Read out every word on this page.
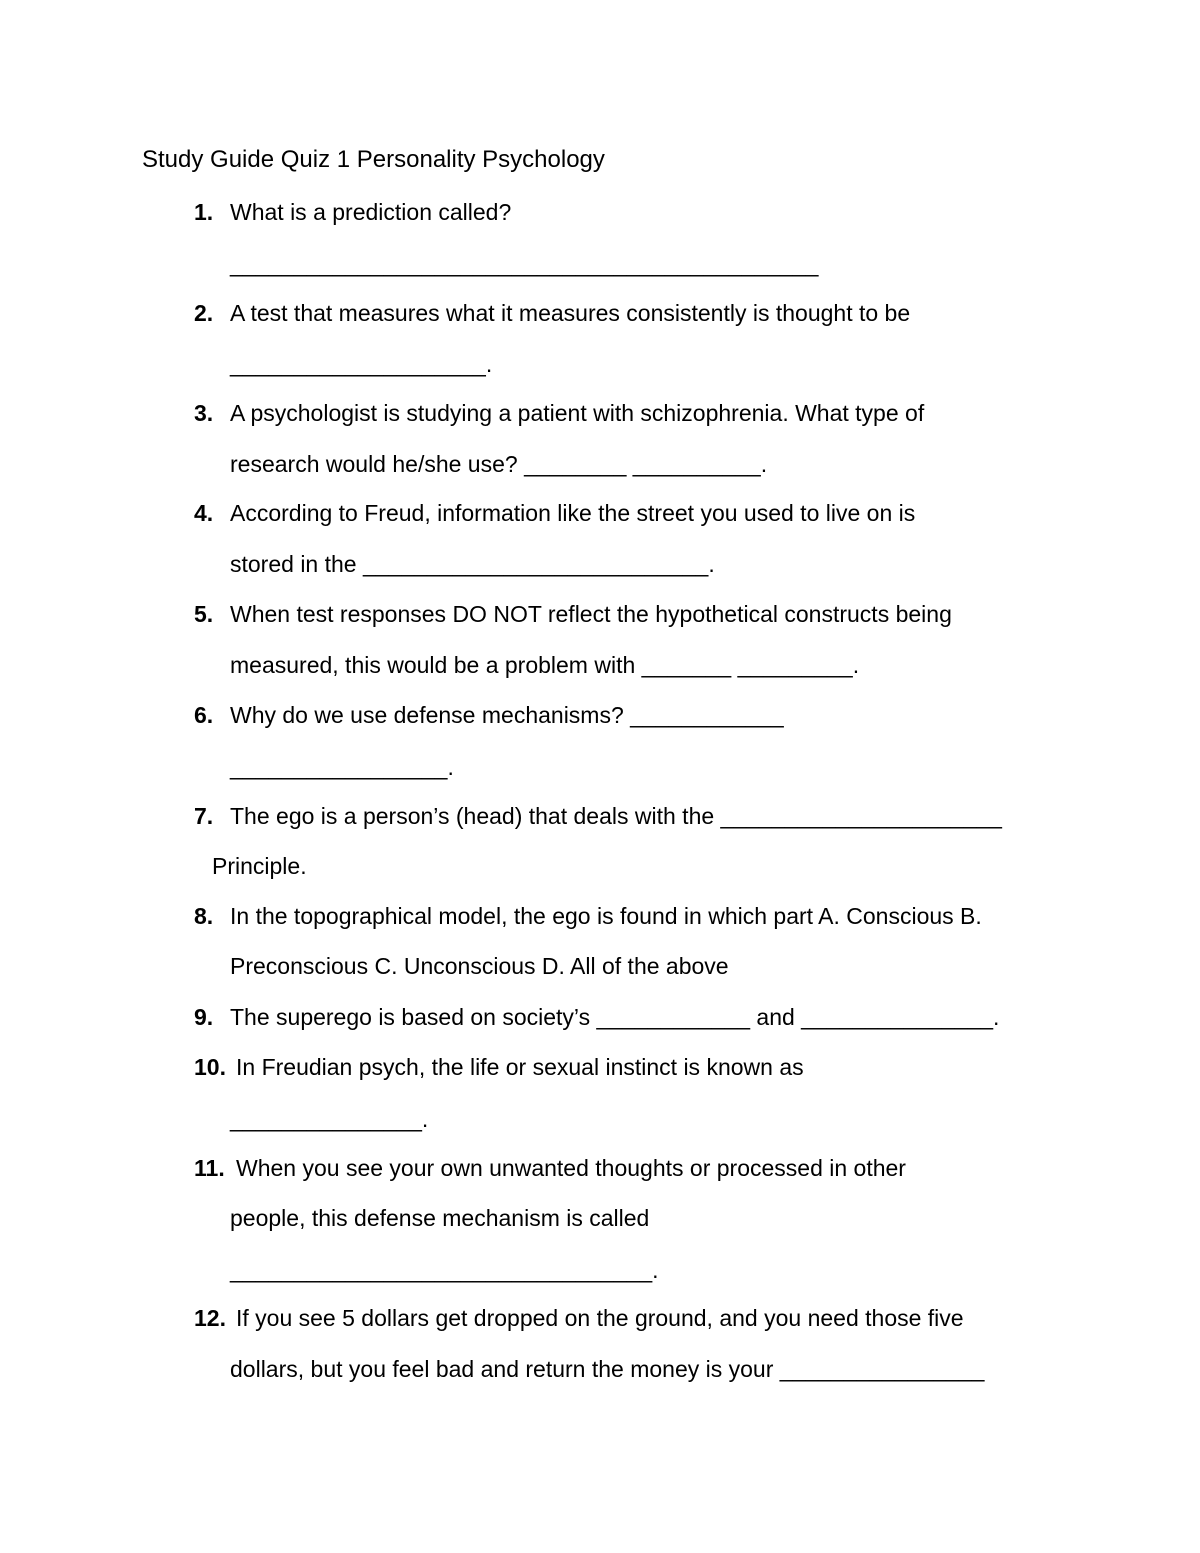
Study Guide Quiz 1 Personality Psychology
1. What is a prediction called?
______________________________________________
2. A test that measures what it measures consistently is thought to be
____________________.
3. A psychologist is studying a patient with schizophrenia. What type of
research would he/she use? ________ __________.
4. According to Freud, information like the street you used to live on is
stored in the ___________________________.
5. When test responses DO NOT reflect the hypothetical constructs being
measured, this would be a problem with _______ _________.
6. Why do we use defense mechanisms? ____________
_________________.
7. The ego is a person’s (head) that deals with the ______________________
Principle.
8. In the topographical model, the ego is found in which part A. Conscious B.
Preconscious C. Unconscious D. All of the above
9. The superego is based on society’s ____________ and _______________.
10. In Freudian psych, the life or sexual instinct is known as
_______________.
11. When you see your own unwanted thoughts or processed in other
people, this defense mechanism is called
_________________________________.
12. If you see 5 dollars get dropped on the ground, and you need those five
dollars, but you feel bad and return the money is your ________________
